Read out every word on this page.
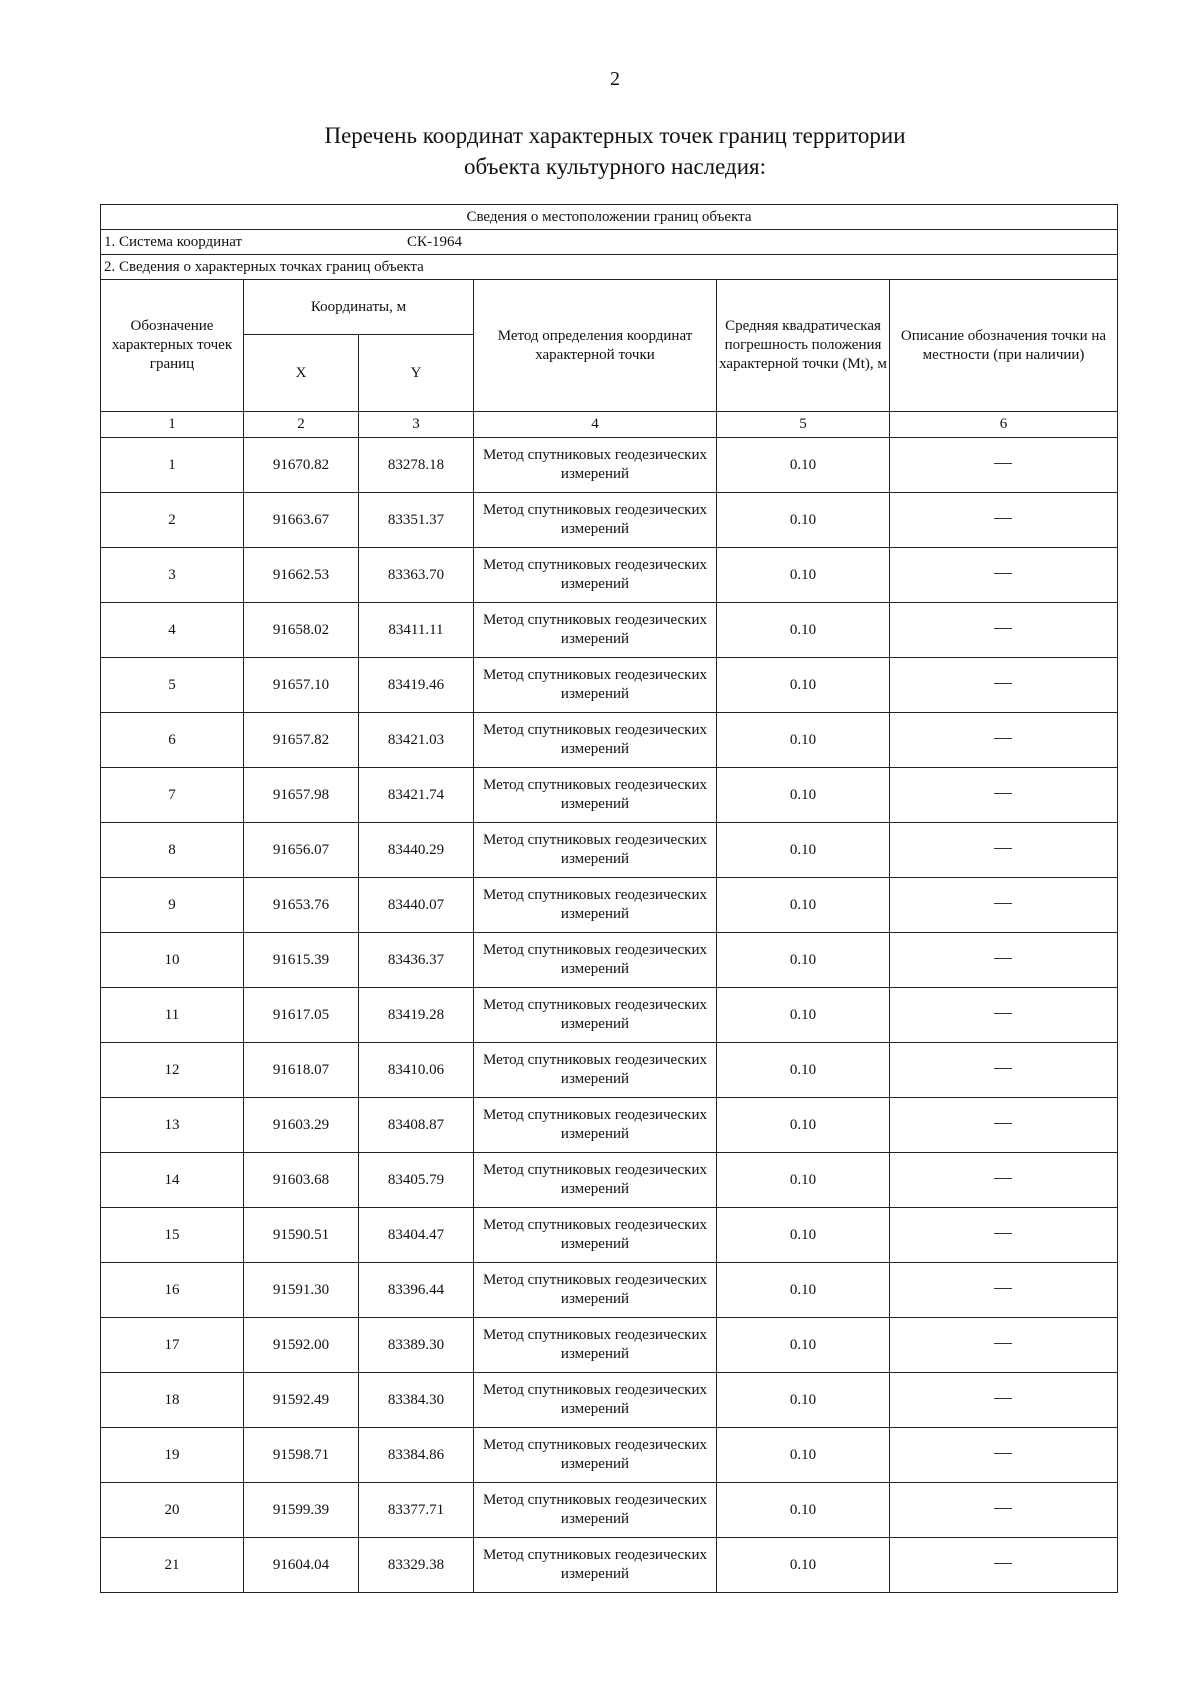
2
Перечень координат характерных точек границ территории
объекта культурного наследия:
Сведения о местоположении границ объекта					
1. Система координат СК-1964					
2. Сведения о характерных точках границ объекта					
Обозначение характерных точек границ	Координаты, м		Метод определения координат характерной точки	Средняя квадратическая погрешность положения характерной точки (Mt), м	Описание обозначения точки на местности (при наличии)
	X	Y			
1	2	3	4	5	6
1	91670.82	83278.18	Метод спутниковых геодезических измерений	0.10	
2	91663.67	83351.37	Метод спутниковых геодезических измерений	0.10	
3	91662.53	83363.70	Метод спутниковых геодезических измерений	0.10	
4	91658.02	83411.11	Метод спутниковых геодезических измерений	0.10	
5	91657.10	83419.46	Метод спутниковых геодезических измерений	0.10	
6	91657.82	83421.03	Метод спутниковых геодезических измерений	0.10	
7	91657.98	83421.74	Метод спутниковых геодезических измерений	0.10	
8	91656.07	83440.29	Метод спутниковых геодезических измерений	0.10	
9	91653.76	83440.07	Метод спутниковых геодезических измерений	0.10	
10	91615.39	83436.37	Метод спутниковых геодезических измерений	0.10	
11	91617.05	83419.28	Метод спутниковых геодезических измерений	0.10	
12	91618.07	83410.06	Метод спутниковых геодезических измерений	0.10	
13	91603.29	83408.87	Метод спутниковых геодезических измерений	0.10	
14	91603.68	83405.79	Метод спутниковых геодезических измерений	0.10	
15	91590.51	83404.47	Метод спутниковых геодезических измерений	0.10	
16	91591.30	83396.44	Метод спутниковых геодезических измерений	0.10	
17	91592.00	83389.30	Метод спутниковых геодезических измерений	0.10	
18	91592.49	83384.30	Метод спутниковых геодезических измерений	0.10	
19	91598.71	83384.86	Метод спутниковых геодезических измерений	0.10	
20	91599.39	83377.71	Метод спутниковых геодезических измерений	0.10	
21	91604.04	83329.38	Метод спутниковых геодезических измерений	0.10	
